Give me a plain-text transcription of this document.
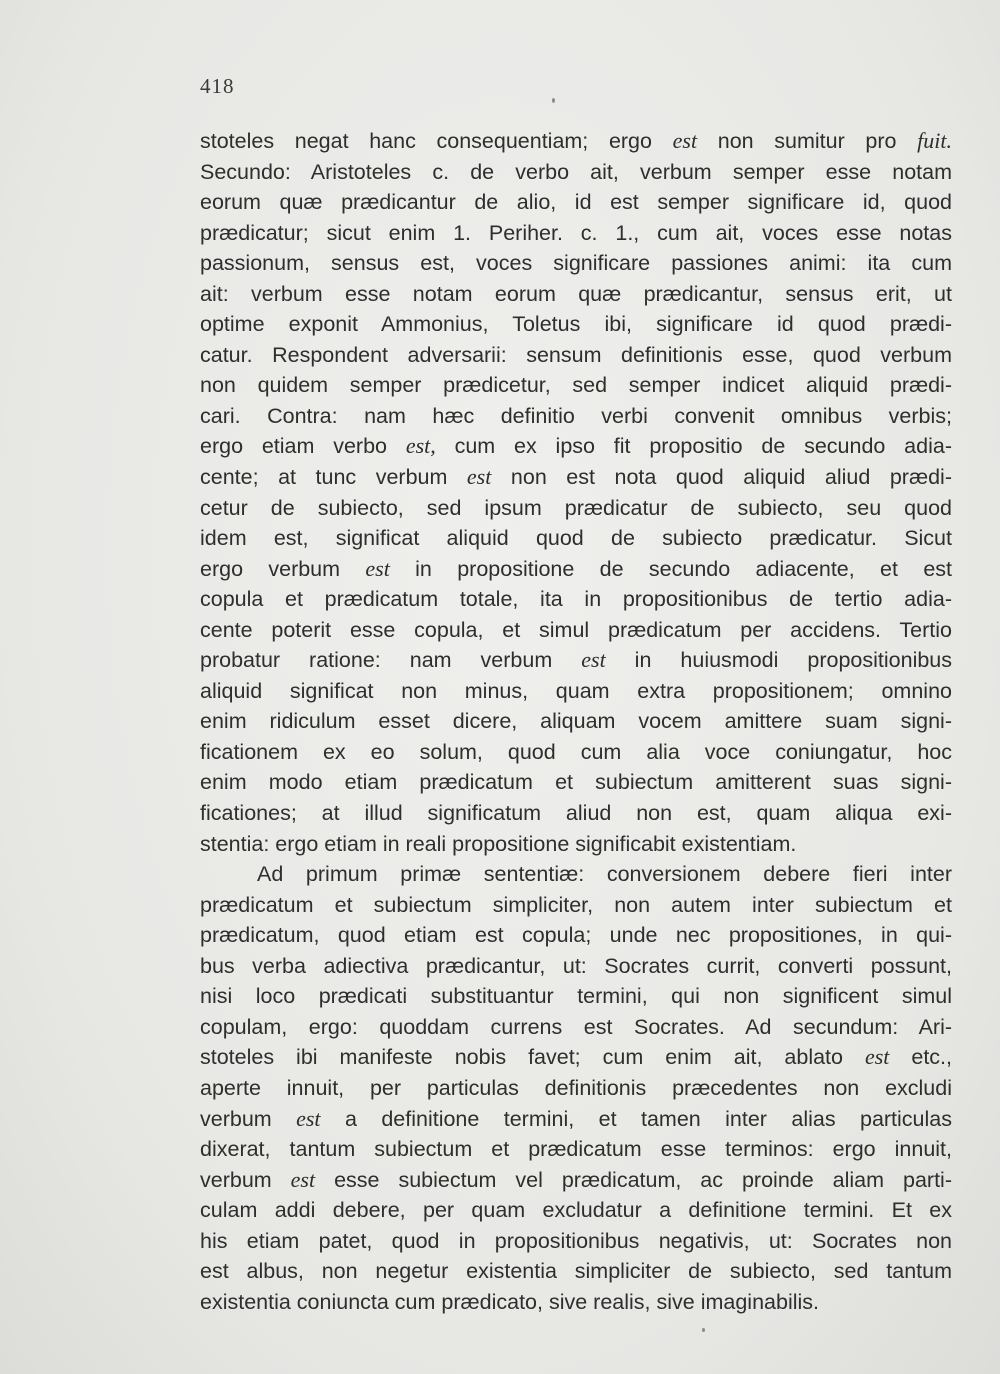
418
stoteles negat hanc consequentiam; ergo est non sumitur pro fuit.
Secundo: Aristoteles c. de verbo ait, verbum semper esse notam
eorum quæ prædicantur de alio, id est semper significare id, quod
prædicatur; sicut enim 1. Periher. c. 1., cum ait, voces esse notas
passionum, sensus est, voces significare passiones animi: ita cum
ait: verbum esse notam eorum quæ prædicantur, sensus erit, ut
optime exponit Ammonius, Toletus ibi, significare id quod prædi-
catur. Respondent adversarii: sensum definitionis esse, quod verbum
non quidem semper prædicetur, sed semper indicet aliquid prædi-
cari. Contra: nam hæc definitio verbi convenit omnibus verbis;
ergo etiam verbo est, cum ex ipso fit propositio de secundo adia-
cente; at tunc verbum est non est nota quod aliquid aliud prædi-
cetur de subiecto, sed ipsum prædicatur de subiecto, seu quod
idem est, significat aliquid quod de subiecto prædicatur. Sicut
ergo verbum est in propositione de secundo adiacente, et est
copula et prædicatum totale, ita in propositionibus de tertio adia-
cente poterit esse copula, et simul prædicatum per accidens. Tertio
probatur ratione: nam verbum est in huiusmodi propositionibus
aliquid significat non minus, quam extra propositionem; omnino
enim ridiculum esset dicere, aliquam vocem amittere suam signi-
ficationem ex eo solum, quod cum alia voce coniungatur, hoc
enim modo etiam prædicatum et subiectum amitterent suas signi-
ficationes; at illud significatum aliud non est, quam aliqua exi-
stentia: ergo etiam in reali propositione significabit existentiam.
Ad primum primæ sententiæ: conversionem debere fieri inter
prædicatum et subiectum simpliciter, non autem inter subiectum et
prædicatum, quod etiam est copula; unde nec propositiones, in qui-
bus verba adiectiva prædicantur, ut: Socrates currit, converti possunt,
nisi loco prædicati substituantur termini, qui non significent simul
copulam, ergo: quoddam currens est Socrates. Ad secundum: Ari-
stoteles ibi manifeste nobis favet; cum enim ait, ablato est etc.,
aperte innuit, per particulas definitionis præcedentes non excludi
verbum est a definitione termini, et tamen inter alias particulas
dixerat, tantum subiectum et prædicatum esse terminos: ergo innuit,
verbum est esse subiectum vel prædicatum, ac proinde aliam parti-
culam addi debere, per quam excludatur a definitione termini. Et ex
his etiam patet, quod in propositionibus negativis, ut: Socrates non
est albus, non negetur existentia simpliciter de subiecto, sed tantum
existentia coniuncta cum prædicato, sive realis, sive imaginabilis.
